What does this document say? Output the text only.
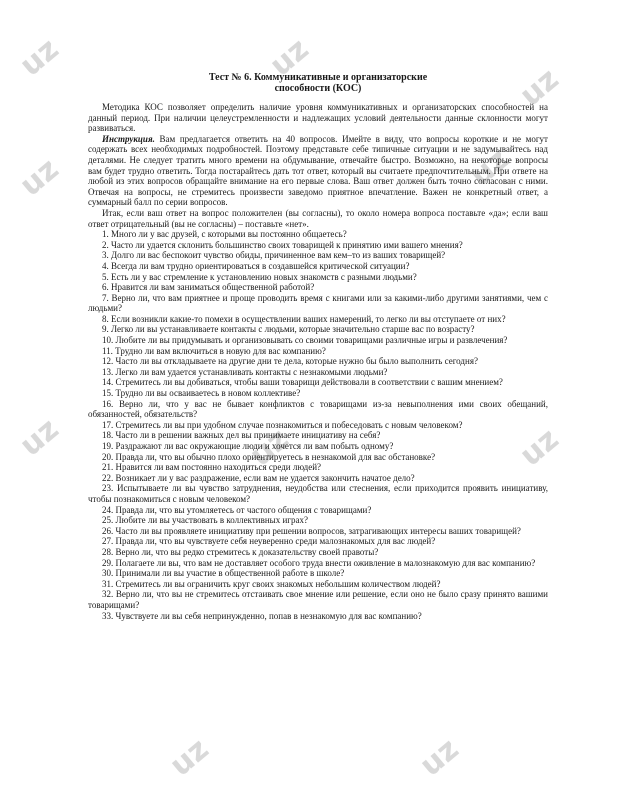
uz	uz
uz
uz	uz
uz	uz	uz
uz	uz
Тест № 6. Коммуникативные и организаторские
способности (КОС)

Методика КОС позволяет определить наличие уровня коммуникативных и организаторских способностей на данный период. При наличии целеустремленности и надлежащих условий деятельности данные склонности могут развиваться.

Инструкция. Вам предлагается ответить на 40 вопросов. Имейте в виду, что вопросы короткие и не могут содержать всех необходимых подробностей. Поэтому представьте себе типичные ситуации и не задумывайтесь над деталями. Не следует тратить много времени на обдумывание, отвечайте быстро. Возможно, на некоторые вопросы вам будет трудно ответить. Тогда постарайтесь дать тот ответ, который вы считаете предпочтительным. При ответе на любой из этих вопросов обращайте внимание на его первые слова. Ваш ответ должен быть точно согласован с ними. Отвечая на вопросы, не стремитесь произвести заведомо приятное впечатление. Важен не конкретный ответ, а суммарный балл по серии вопросов.

Итак, если ваш ответ на вопрос положителен (вы согласны), то около номера вопроса поставьте «да»; если ваш ответ отрицательный (вы не согласны) – поставьте «нет».

1. Много ли у вас друзей, с которыми вы постоянно общаетесь?
2. Часто ли удается склонить большинство своих товарищей к принятию ими вашего мнения?
3. Долго ли вас беспокоит чувство обиды, причиненное вам кем–то из ваших товарищей?
4. Всегда ли вам трудно ориентироваться в создавшейся критической ситуации?
5. Есть ли у вас стремление к установлению новых знакомств с разными людьми?
6. Нравится ли вам заниматься общественной работой?
7. Верно ли, что вам приятнее и проще проводить время с книгами или за какими-либо другими занятиями, чем с людьми?
8. Если возникли какие-то помехи в осуществлении ваших намерений, то легко ли вы отступаете от них?
9. Легко ли вы устанавливаете контакты с людьми, которые значительно старше вас по возрасту?
10. Любите ли вы придумывать и организовывать со своими товарищами различные игры и развлечения?
11. Трудно ли вам включиться в новую для вас компанию?
12. Часто ли вы откладываете на другие дни те дела, которые нужно бы было выполнить сегодня?
13. Легко ли вам удается устанавливать контакты с незнакомыми людьми?
14. Стремитесь ли вы добиваться, чтобы ваши товарищи действовали в соответствии с вашим мнением?
15. Трудно ли вы осваиваетесь в новом коллективе?
16. Верно ли, что у вас не бывает конфликтов с товарищами из-за невыполнения ими своих обещаний, обязанностей, обязательств?
17. Стремитесь ли вы при удобном случае познакомиться и побеседовать с новым человеком?
18. Часто ли в решении важных дел вы принимаете инициативу на себя?
19. Раздражают ли вас окружающие люди и хочется ли вам побыть одному?
20. Правда ли, что вы обычно плохо ориентируетесь в незнакомой для вас обстановке?
21. Нравится ли вам постоянно находиться среди людей?
22. Возникает ли у вас раздражение, если вам не удается закончить начатое дело?
23. Испытываете ли вы чувство затруднения, неудобства или стеснения, если приходится проявить инициативу, чтобы познакомиться с новым человеком?
24. Правда ли, что вы утомляетесь от частого общения с товарищами?
25. Любите ли вы участвовать в коллективных играх?
26. Часто ли вы проявляете инициативу при решении вопросов, затрагивающих интересы ваших товарищей?
27. Правда ли, что вы чувствуете себя неуверенно среди малознакомых для вас людей?
28. Верно ли, что вы редко стремитесь к доказательству своей правоты?
29. Полагаете ли вы, что вам не доставляет особого труда внести оживление в малознакомую для вас компанию?
30. Принимали ли вы участие в общественной работе в школе?
31. Стремитесь ли вы ограничить круг своих знакомых небольшим количеством людей?
32. Верно ли, что вы не стремитесь отстаивать свое мнение или решение, если оно не было сразу принято вашими товарищами?
33. Чувствуете ли вы себя непринужденно, попав в незнакомую для вас компанию?
